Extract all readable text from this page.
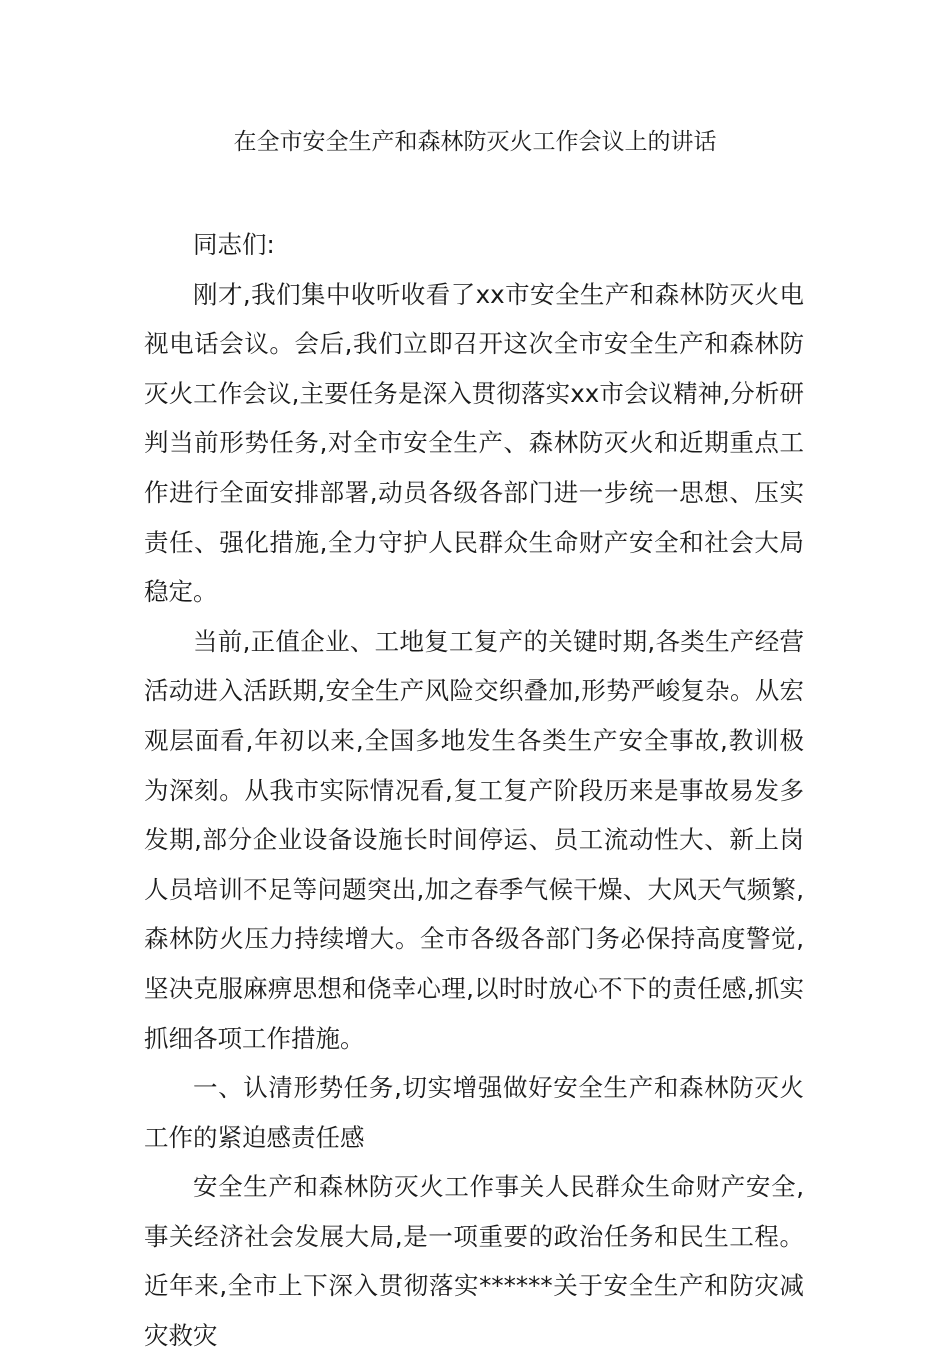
在全市安全生产和森林防灭火工作会议上的讲话

同志们:

刚才,我们集中收听收看了xx市安全生产和森林防灭火电视电话会议。会后,我们立即召开这次全市安全生产和森林防灭火工作会议,主要任务是深入贯彻落实xx市会议精神,分析研判当前形势任务,对全市安全生产、森林防灭火和近期重点工作进行全面安排部署,动员各级各部门进一步统一思想、压实责任、强化措施,全力守护人民群众生命财产安全和社会大局稳定。

当前,正值企业、工地复工复产的关键时期,各类生产经营活动进入活跃期,安全生产风险交织叠加,形势严峻复杂。从宏观层面看,年初以来,全国多地发生各类生产安全事故,教训极为深刻。从我市实际情况看,复工复产阶段历来是事故易发多发期,部分企业设备设施长时间停运、员工流动性大、新上岗人员培训不足等问题突出,加之春季气候干燥、大风天气频繁,森林防火压力持续增大。全市各级各部门务必保持高度警觉,坚决克服麻痹思想和侥幸心理,以时时放心不下的责任感,抓实抓细各项工作措施。

一、认清形势任务,切实增强做好安全生产和森林防灭火工作的紧迫感责任感

安全生产和森林防灭火工作事关人民群众生命财产安全,事关经济社会发展大局,是一项重要的政治任务和民生工程。近年来,全市上下深入贯彻落实******关于安全生产和防灾减灾救灾
